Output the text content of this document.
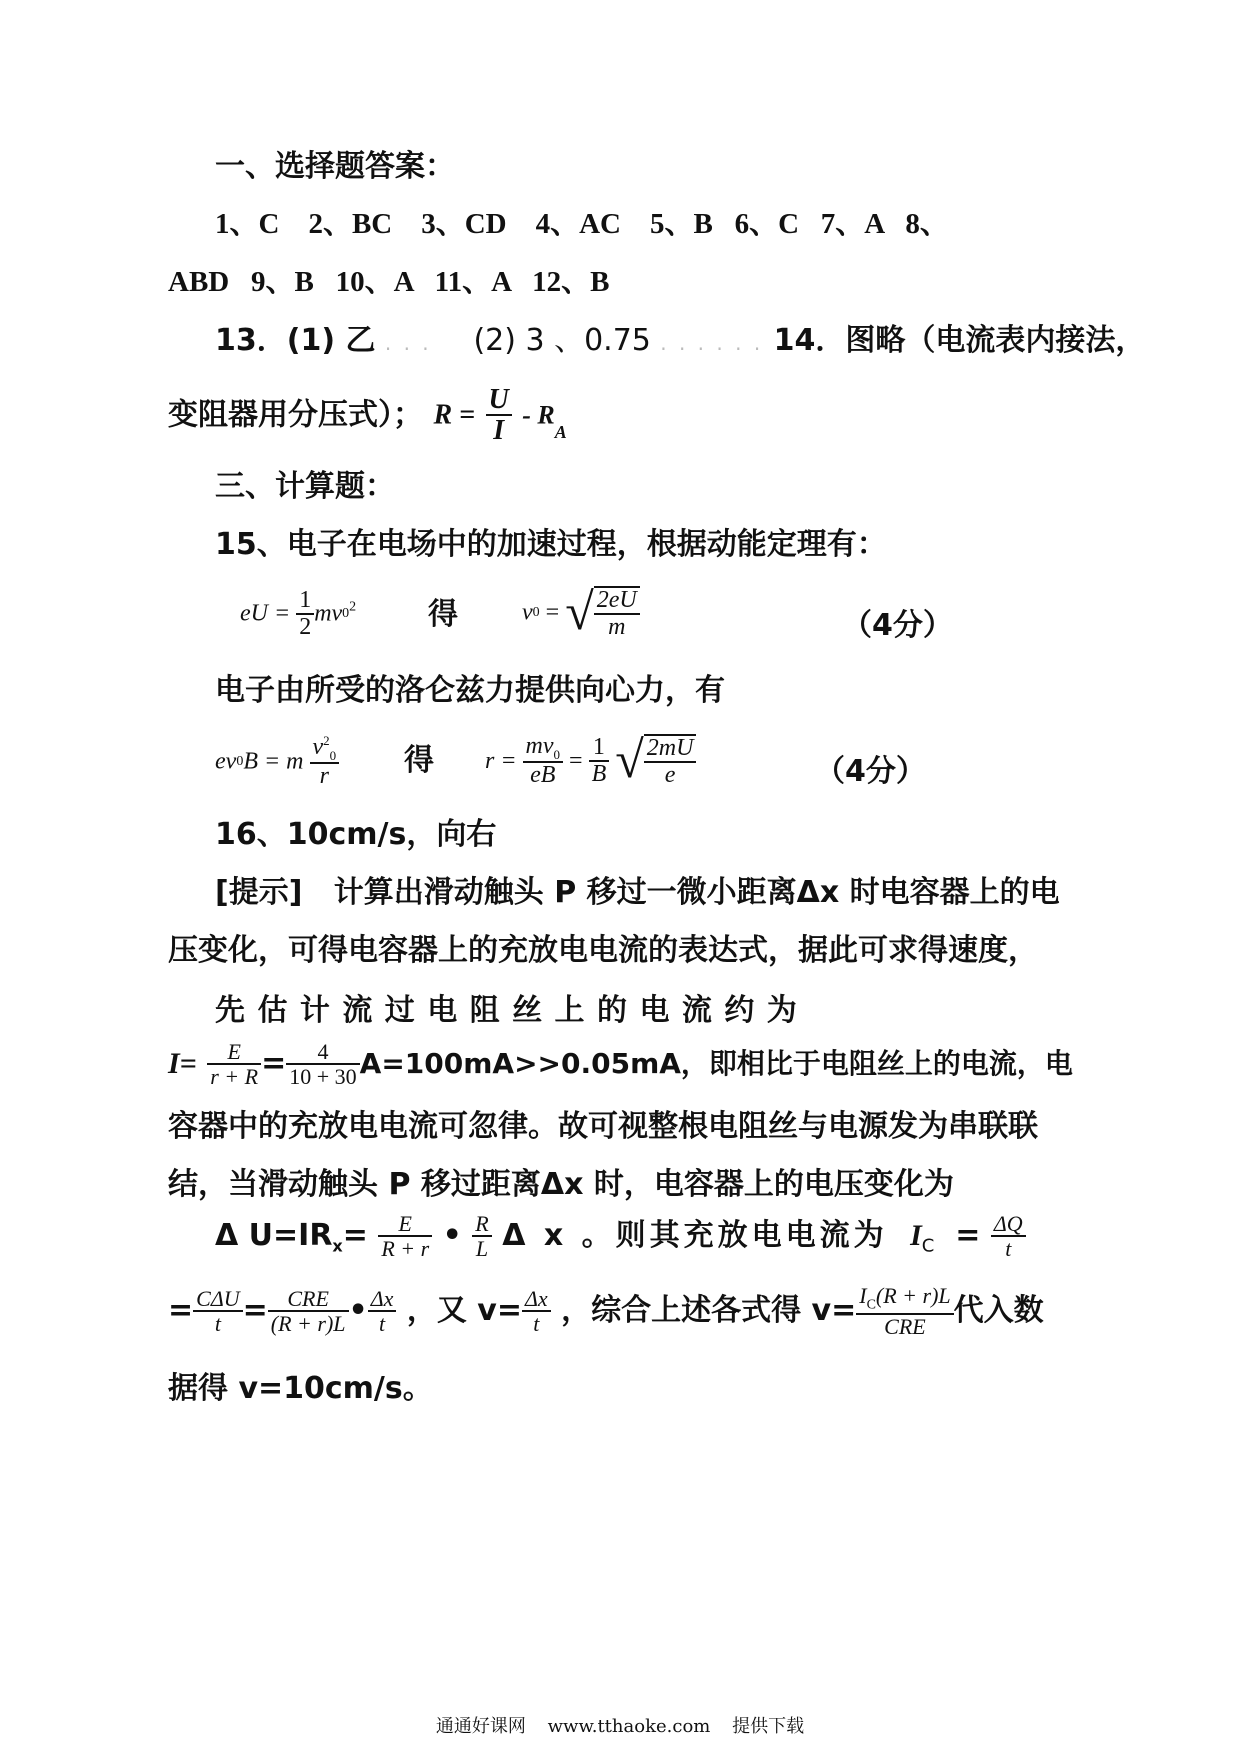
一、选择题答案：
1、C    2、BC    3、CD    4、AC    5、B   6、C   7、A   8、
ABD   9、B   10、A   11、A   12、B
13．(1) 乙 . . . (2) 3 、0.75 . . . . . . 14．图略（电流表内接法，
变阻器用分压式）； $R = \frac{U}{I} - R_A$
三、计算题：
15、电子在电场中的加速过程，根据动能定理有：
eU = $\frac{1}{2} mv0^2$ 得	v0 = √ $\frac{2eU}{m}$	（4分）
电子由所受的洛仑兹力提供向心力，有
ev0B = m $\frac{v^2_0}{r}$ 得 $r = \frac{mv_0}{eB} = \frac{1}{B}$ √ $\frac{2mU}{e}$	（4分）
16、10cm/s，向右
[提示]   计算出滑动触头 P 移过一微小距离Δx 时电容器上的电
压变化，可得电容器上的充放电电流的表达式，据此可求得速度，
先 估 计 流 过 电 阻 丝 上 的 电 流 约 为
$I= \frac{E}{r + R} = \frac{4}{10 + 30} A=100mA>>0.05mA$，即相比于电阻丝上的电流，电
容器中的充放电电流可忽律。故可视整根电阻丝与电源发为串联联
结，当滑动触头 P 移过距离Δx 时，电容器上的电压变化为
Δ $U=IR_x= \frac{E}{R + r}$ • $\frac{R}{L}$ Δ x 。则其充放电电流为 $I_C = \frac{\Delta Q}{t}$
= $\frac{\text{CΔU}}{t} = \frac{\text{CRE}}{(R + r)L}$ • $\frac{\Delta x}{t}$ ，又 $v= \frac{\Delta x}{t}$ ，综合上述各式得 $v= \frac{I_C(R + r)L}{\text{CRE}}$ 代入数
据得 v=10cm/s。
通通好课网 www.tthaoke.com 提供下载
